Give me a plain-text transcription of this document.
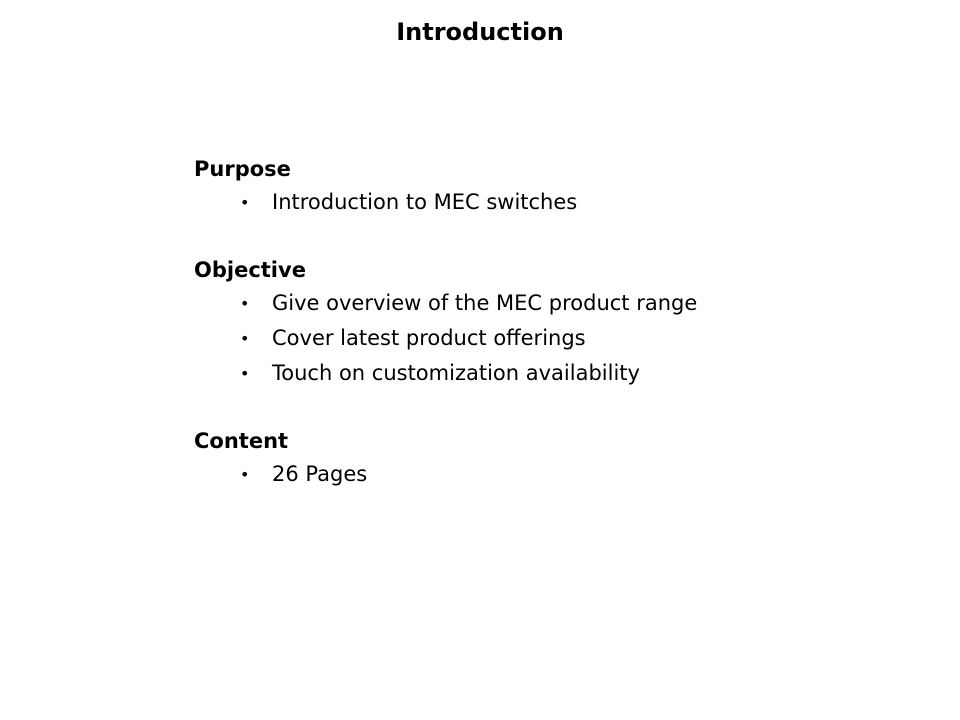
Introduction
Purpose
• Introduction to MEC switches
Objective
• Give overview of the MEC product range
• Cover latest product offerings
• Touch on customization availability
Content
• 26 Pages
